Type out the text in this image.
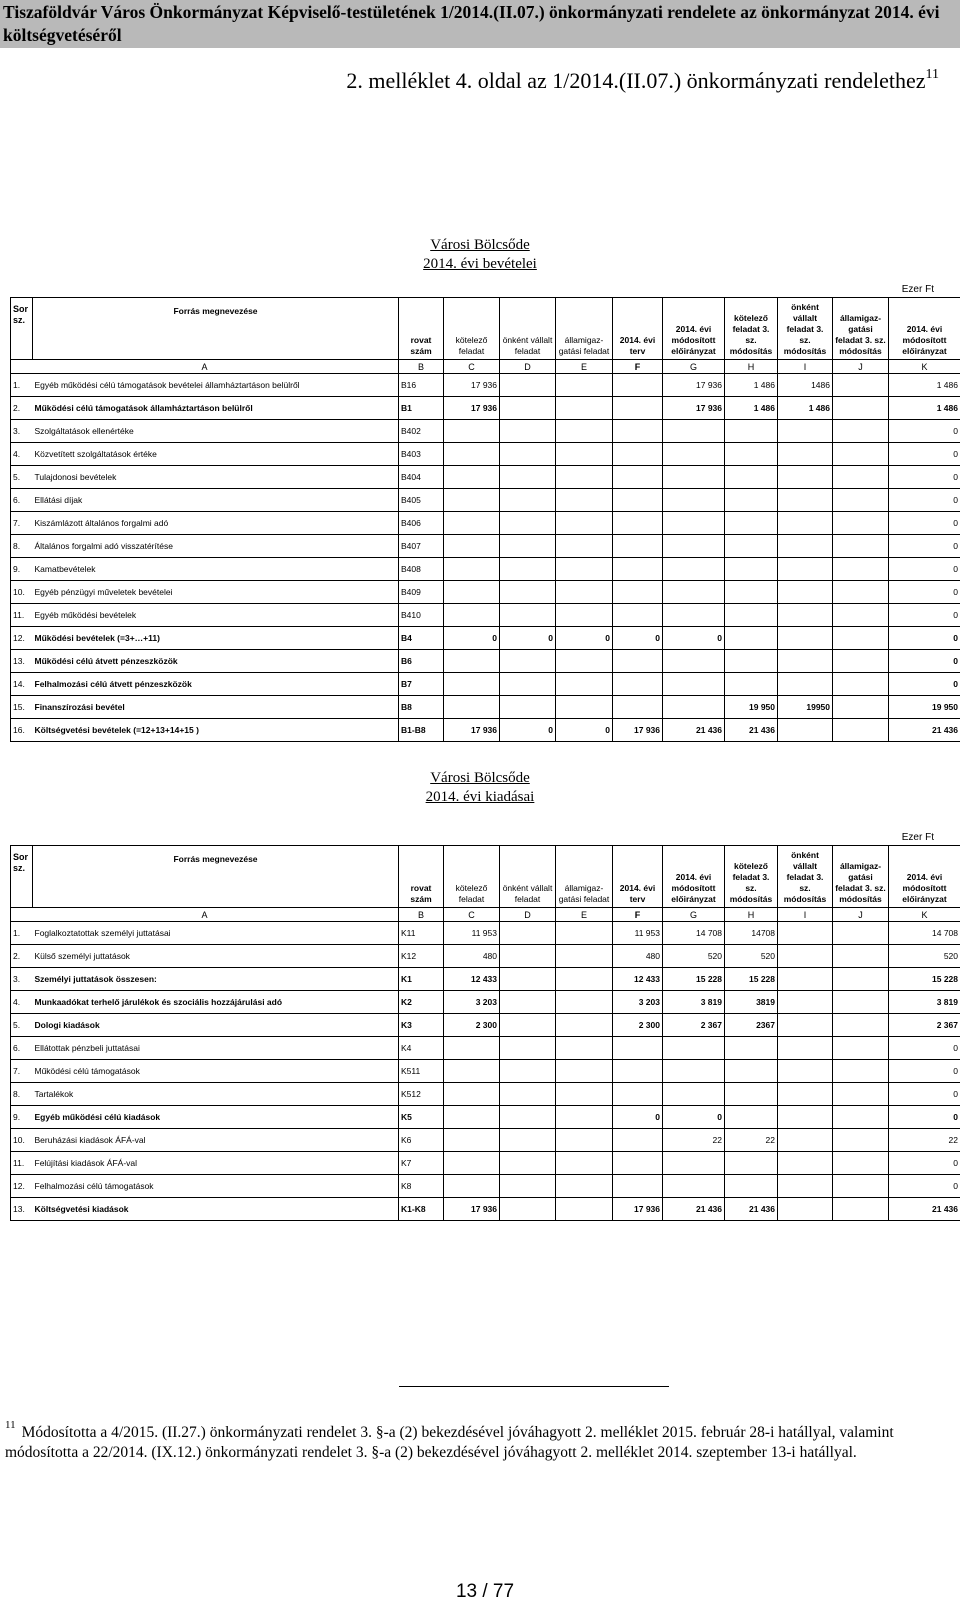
Tiszaföldvár Város Önkormányzat Képviselő-testületének 1/2014.(II.07.) önkormányzati rendelete az önkormányzat 2014. évi költségvetéséről
2. melléklet 4. oldal az 1/2014.(II.07.) önkormányzati rendelethez$^{11}$
Városi Bölcsőde
2014. évi bevételei
Ezer Ft
Sor sz.	Forrás megnevezése	rovat szám	kötelező feladat	önként vállalt feladat	államigaz-gatási feladat	2014. évi terv	2014. évi módosított előirányzat	kötelező feladat 3. sz. módosítás	önként vállalt feladat 3. sz. módosítás	államigaz-gatási feladat 3. sz. módosítás	2014. évi módosított előirányzat
A		B	C	D	E	F	G	H	I	J	K
1.	Egyéb működési célú támogatások bevételei államháztartáson belülről	B16	17 936				17 936	1 486	1486		1 486
2.	Működési célú támogatások államháztartáson belülről	B1	17 936				17 936	1 486	1 486		1 486
3.	Szolgáltatások ellenértéke	B402									0
4.	Közvetített szolgáltatások értéke	B403									0
5.	Tulajdonosi bevételek	B404									0
6.	Ellátási díjak	B405									0
7.	Kiszámlázott általános forgalmi adó	B406									0
8.	Általános forgalmi adó visszatérítése	B407									0
9.	Kamatbevételek	B408									0
10.	Egyéb pénzügyi műveletek bevételei	B409									0
11.	Egyéb működési bevételek	B410									0
12.	Működési bevételek (=3+…+11)	B4	0	0	0	0	0				0
13.	Működési célú átvett pénzeszközök	B6									0
14.	Felhalmozási célú átvett pénzeszközök	B7									0
15.	Finanszírozási bevétel	B8						19 950	19950		19 950
16.	Költségvetési bevételek (=12+13+14+15 )	B1-B8	17 936	0	0	17 936	21 436	21 436			21 436
Városi Bölcsőde
2014. évi kiadásai
Ezer Ft
Sor sz.	Forrás megnevezése	rovat szám	kötelező feladat	önként vállalt feladat	államigaz-gatási feladat	2014. évi terv	2014. évi módosított előirányzat	kötelező feladat 3. sz. módosítás	önként vállalt feladat 3. sz. módosítás	államigaz-gatási feladat 3. sz. módosítás	2014. évi módosított előirányzat
A		B	C	D	E	F	G	H	I	J	K
1.	Foglalkoztatottak személyi juttatásai	K11	11 953			11 953	14 708	14708			14 708
2.	Külső személyi juttatások	K12	480			480	520	520			520
3.	Személyi juttatások összesen:	K1	12 433			12 433	15 228	15 228			15 228
4.	Munkaadókat terhelő járulékok és szociális hozzájárulási adó	K2	3 203			3 203	3 819	3819			3 819
5.	Dologi kiadások	K3	2 300			2 300	2 367	2367			2 367
6.	Ellátottak pénzbeli juttatásai	K4									0
7.	Működési célú támogatások	K511									0
8.	Tartalékok	K512									0
9.	Egyéb működési célú kiadások	K5				0	0				0
10.	Beruházási kiadások ÁFÁ-val	K6					22	22			22
11.	Felújítási kiadások ÁFÁ-val	K7									0
12.	Felhalmozási célú támogatások	K8									0
13.	Költségvetési kiadások	K1-K8	17 936			17 936	21 436	21 436			21 436
$^{11}$ Módosította a 4/2015. (II.27.) önkormányzati rendelet 3. §-a (2) bekezdésével jóváhagyott 2. melléklet 2015. február 28-i hatállyal, valamint módosította a 22/2014. (IX.12.) önkormányzati rendelet 3. §-a (2) bekezdésével jóváhagyott 2. melléklet 2014. szeptember 13-i hatállyal.
13 / 77
